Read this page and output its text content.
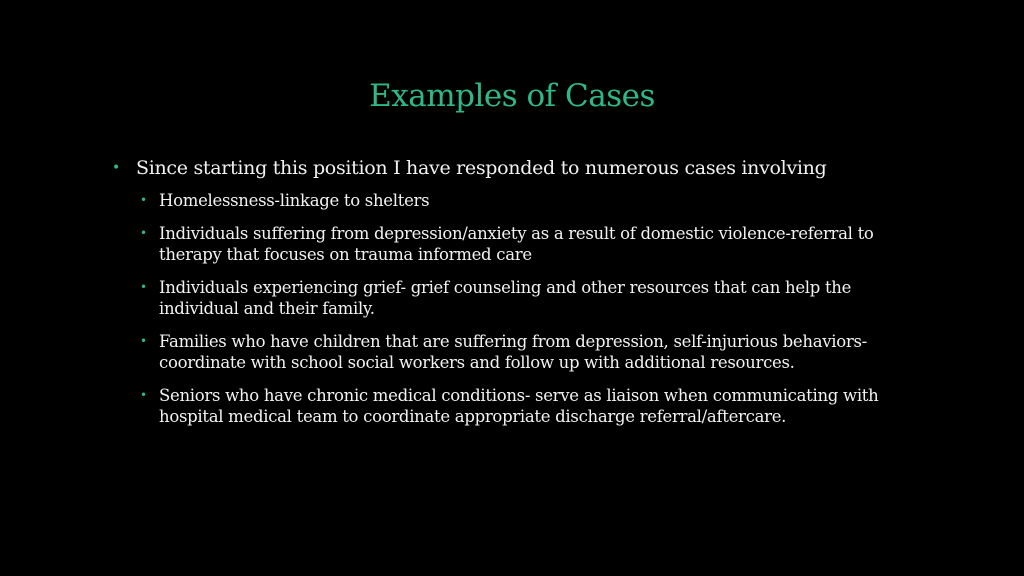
Examples of Cases
• Since starting this position I have responded to numerous cases involving
• Homelessness-linkage to shelters
• Individuals suffering from depression/anxiety as a result of domestic violence-referral to therapy that focuses on trauma informed care
• Individuals experiencing grief- grief counseling and other resources that can help the individual and their family.
• Families who have children that are suffering from depression, self-injurious behaviors-coordinate with school social workers and follow up with additional resources.
• Seniors who have chronic medical conditions- serve as liaison when communicating with hospital medical team to coordinate appropriate discharge referral/aftercare.
